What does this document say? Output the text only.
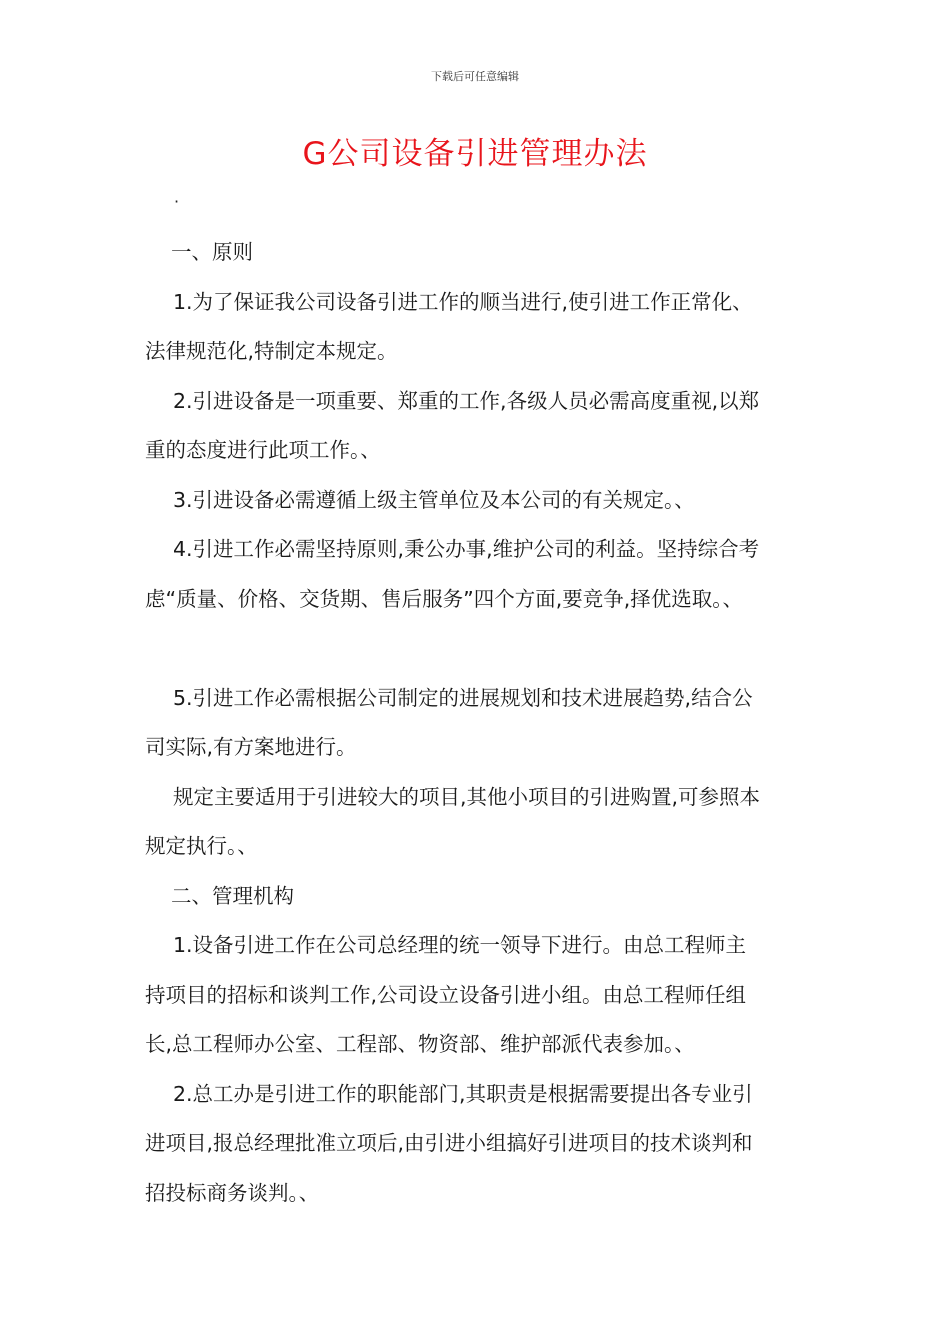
下载后可任意编辑
G公司设备引进管理办法
·
一、原则
1.为了保证我公司设备引进工作的顺当进行,使引进工作正常化、
法律规范化,特制定本规定。
2.引进设备是一项重要、郑重的工作,各级人员必需高度重视,以郑
重的态度进行此项工作。、
3.引进设备必需遵循上级主管单位及本公司的有关规定。、
4.引进工作必需坚持原则,秉公办事,维护公司的利益。坚持综合考
虑“质量、价格、交货期、售后服务”四个方面,要竞争,择优选取。、
5.引进工作必需根据公司制定的进展规划和技术进展趋势,结合公
司实际,有方案地进行。
规定主要适用于引进较大的项目,其他小项目的引进购置,可参照本
规定执行。、
二、管理机构
1.设备引进工作在公司总经理的统一领导下进行。由总工程师主
持项目的招标和谈判工作,公司设立设备引进小组。由总工程师任组
长,总工程师办公室、工程部、物资部、维护部派代表参加。、
2.总工办是引进工作的职能部门,其职责是根据需要提出各专业引
进项目,报总经理批准立项后,由引进小组搞好引进项目的技术谈判和
招投标商务谈判。、
